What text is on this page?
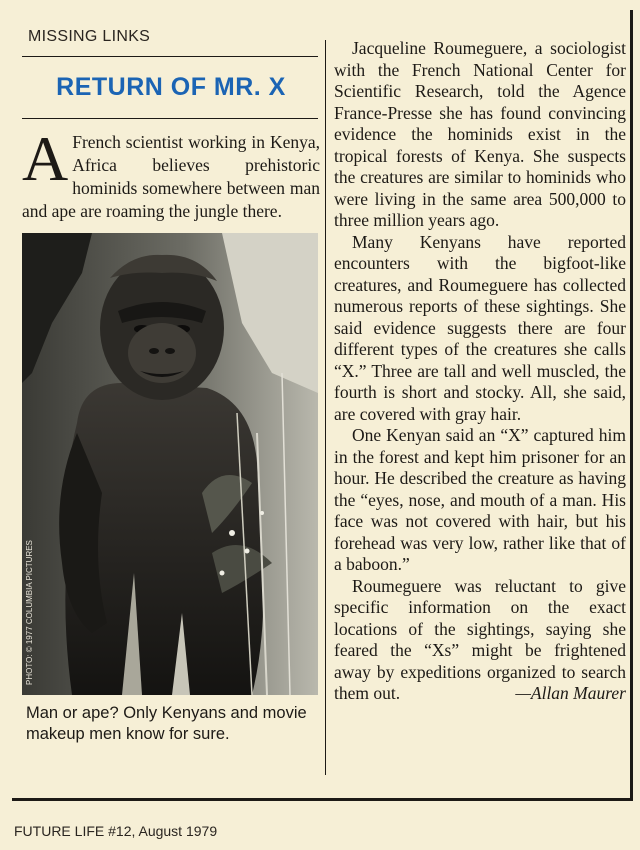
MISSING LINKS
RETURN OF MR. X
A French scientist working in Kenya, Africa believes prehistoric hominids somewhere between man and ape are roaming the jungle there.
PHOTO: © 1977 COLUMBIA PICTURES
Man or ape? Only Kenyans and movie makeup men know for sure.

Jacqueline Roumeguere, a sociologist with the French National Center for Scientific Research, told the Agence France-Presse she has found convincing evidence the hominids exist in the tropical forests of Kenya. She suspects the creatures are similar to hominids who were living in the same area 500,000 to three million years ago.

Many Kenyans have reported encounters with the bigfoot-like creatures, and Roumeguere has collected numerous reports of these sightings. She said evidence suggests there are four different types of the creatures she calls “X.” Three are tall and well muscled, the fourth is short and stocky. All, she said, are covered with gray hair.

One Kenyan said an “X” captured him in the forest and kept him prisoner for an hour. He described the creature as having the “eyes, nose, and mouth of a man. His face was not covered with hair, but his forehead was very low, rather like that of a baboon.”

Roumeguere was reluctant to give specific information on the exact locations of the sightings, saying she feared the “Xs” might be frightened away by expeditions organized to search them out.	—Allan Maurer

FUTURE LIFE #12, August 1979
